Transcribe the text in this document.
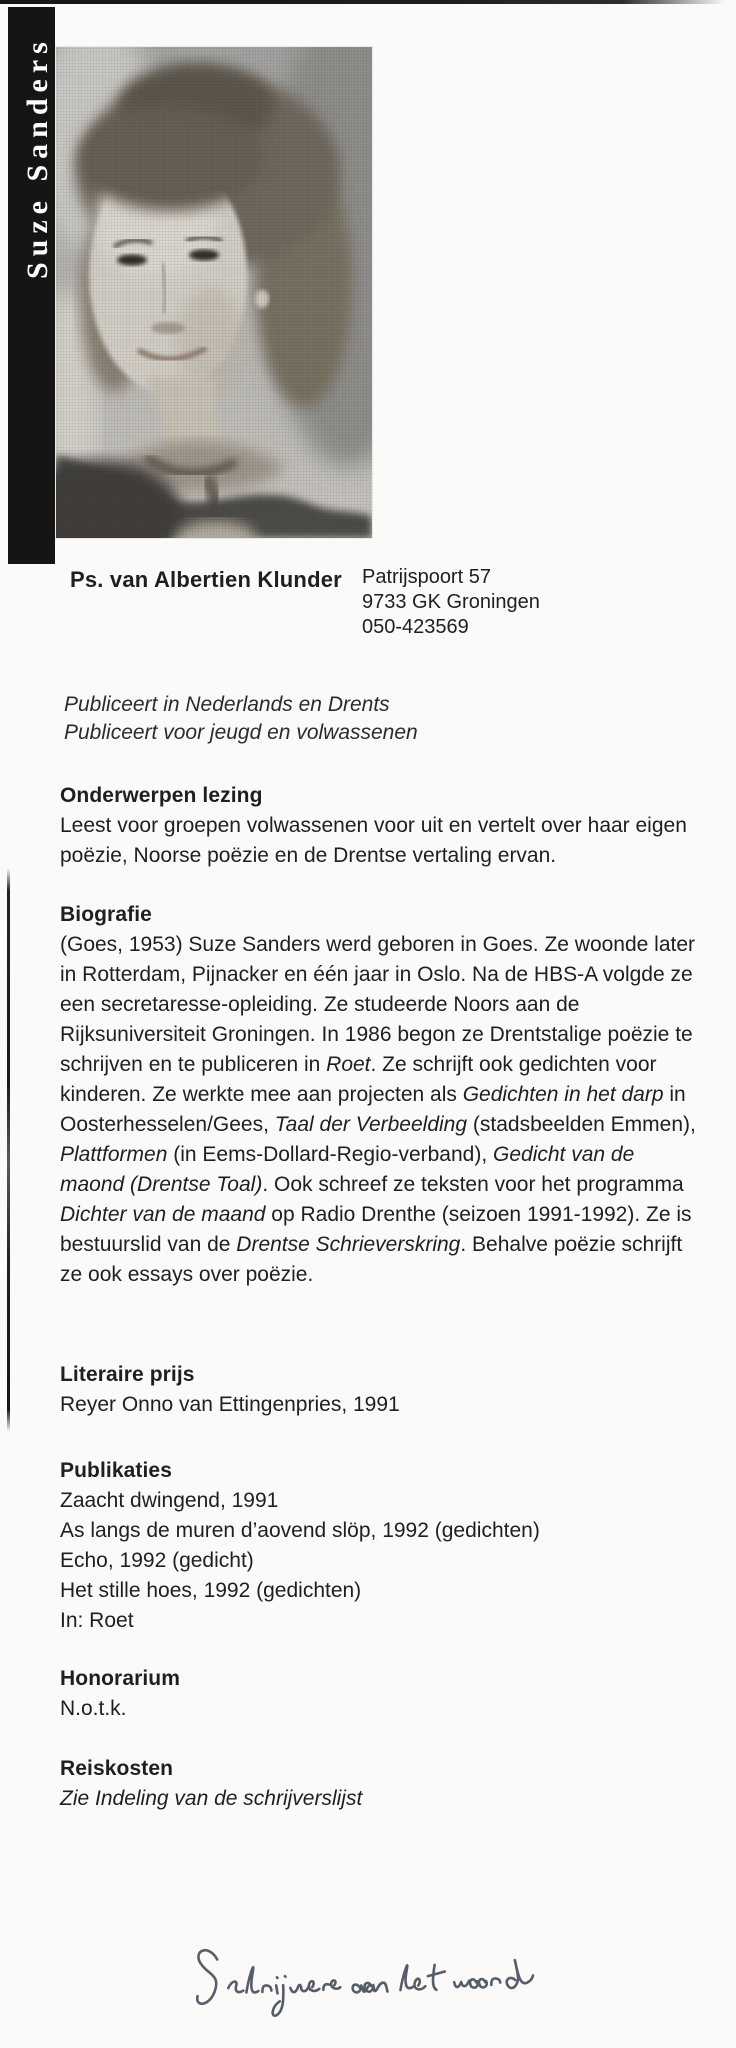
Suze Sanders
Ps. van Albertien Klunder Patrijspoort 57
9733 GK Groningen
050-423569
Publiceert in Nederlands en Drents
Publiceert voor jeugd en volwassenen
Onderwerpen lezing

Leest voor groepen volwassenen voor uit en vertelt over haar eigen poëzie, Noorse poëzie en de Drentse vertaling ervan.

Biografie

(Goes, 1953) Suze Sanders werd geboren in Goes. Ze woonde later in Rotterdam, Pijnacker en één jaar in Oslo. Na de HBS-A volgde ze een secretaresse-opleiding. Ze studeerde Noors aan de Rijksuniversiteit Groningen. In 1986 begon ze Drentstalige poëzie te schrijven en te publiceren in Roet. Ze schrijft ook gedichten voor kinderen. Ze werkte mee aan projecten als Gedichten in het darp in Oosterhesselen/Gees, Taal der Verbeelding (stadsbeelden Emmen), Plattformen (in Eems-Dollard-Regio-verband), Gedicht van de maond (Drentse Toal). Ook schreef ze teksten voor het programma Dichter van de maand op Radio Drenthe (seizoen 1991-1992). Ze is bestuurslid van de Drentse Schrieverskring. Behalve poëzie schrijft ze ook essays over poëzie.

Literaire prijs

Reyer Onno van Ettingenpries, 1991

Publikaties
Zaacht dwingend, 1991
As langs de muren d’aovend slöp, 1992 (gedichten)
Echo, 1992 (gedicht)
Het stille hoes, 1992 (gedichten)
In: Roet
Honorarium

N.o.t.k.

Reiskosten

Zie Indeling van de schrijverslijst
